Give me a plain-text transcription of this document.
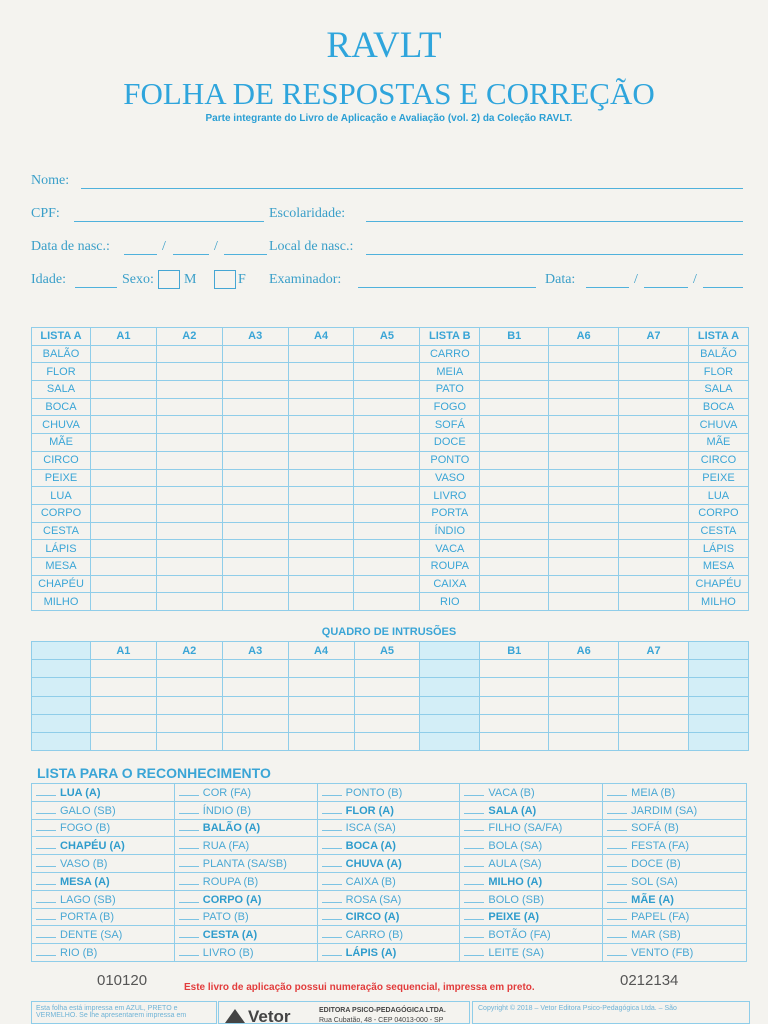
RAVLT
FOLHA DE RESPOSTAS E CORREÇÃO
Parte integrante do Livro de Aplicação e Avaliação (vol. 2) da Coleção RAVLT.
Nome:
CPF:	Escolaridade:
Data de nasc.:	/	/	Local de nasc.:
Idade:	Sexo: M	F Examinador:	Data:	/	/
LISTA A	A1	A2	A3	A4	A5	LISTA B	B1	A6	A7	LISTA A
BALÃO						CARRO				BALÃO
FLOR						MEIA				FLOR
SALA						PATO				SALA
BOCA						FOGO				BOCA
CHUVA						SOFÁ				CHUVA
MÃE						DOCE				MÃE
CIRCO						PONTO				CIRCO
PEIXE						VASO				PEIXE
LUA						LIVRO				LUA
CORPO						PORTA				CORPO
CESTA						ÍNDIO				CESTA
LÁPIS						VACA				LÁPIS
MESA						ROUPA				MESA
CHAPÉU						CAIXA				CHAPÉU
MILHO						RIO				MILHO
QUADRO DE INTRUSÕES
	A1	A2	A3	A4	A5		B1	A6	A7	

LISTA PARA O RECONHECIMENTO
LUA (A)	COR (FA)	PONTO (B)	VACA (B)	MEIA (B)
GALO (SB)	ÍNDIO (B)	FLOR (A)	SALA (A)	JARDIM (SA)
FOGO (B)	BALÃO (A)	ISCA (SA)	FILHO (SA/FA)	SOFÁ (B)
CHAPÉU (A)	RUA (FA)	BOCA (A)	BOLA (SA)	FESTA (FA)
VASO (B)	PLANTA (SA/SB)	CHUVA (A)	AULA (SA)	DOCE (B)
MESA (A)	ROUPA (B)	CAIXA (B)	MILHO (A)	SOL (SA)
LAGO (SB)	CORPO (A)	ROSA (SA)	BOLO (SB)	MÃE (A)
PORTA (B)	PATO (B)	CIRCO (A)	PEIXE (A)	PAPEL (FA)
DENTE (SA)	CESTA (A)	CARRO (B)	BOTÃO (FA)	MAR (SB)
RIO (B)	LIVRO (B)	LÁPIS (A)	LEITE (SA)	VENTO (FB)
010120	Este livro de aplicação possui numeração sequencial, impressa em preto.	0212134
Esta folha está impressa em AZUL, PRETO e VERMELHO. Se lhe apresentarem impressa em	Vetor	EDITORA PSICO-PEDAGÓGICA LTDA.
Rua Cubatão, 48 - CEP 04013-000 - SP
Copyright © 2018 – Vetor Editora Psico-Pedagógica Ltda. – São
